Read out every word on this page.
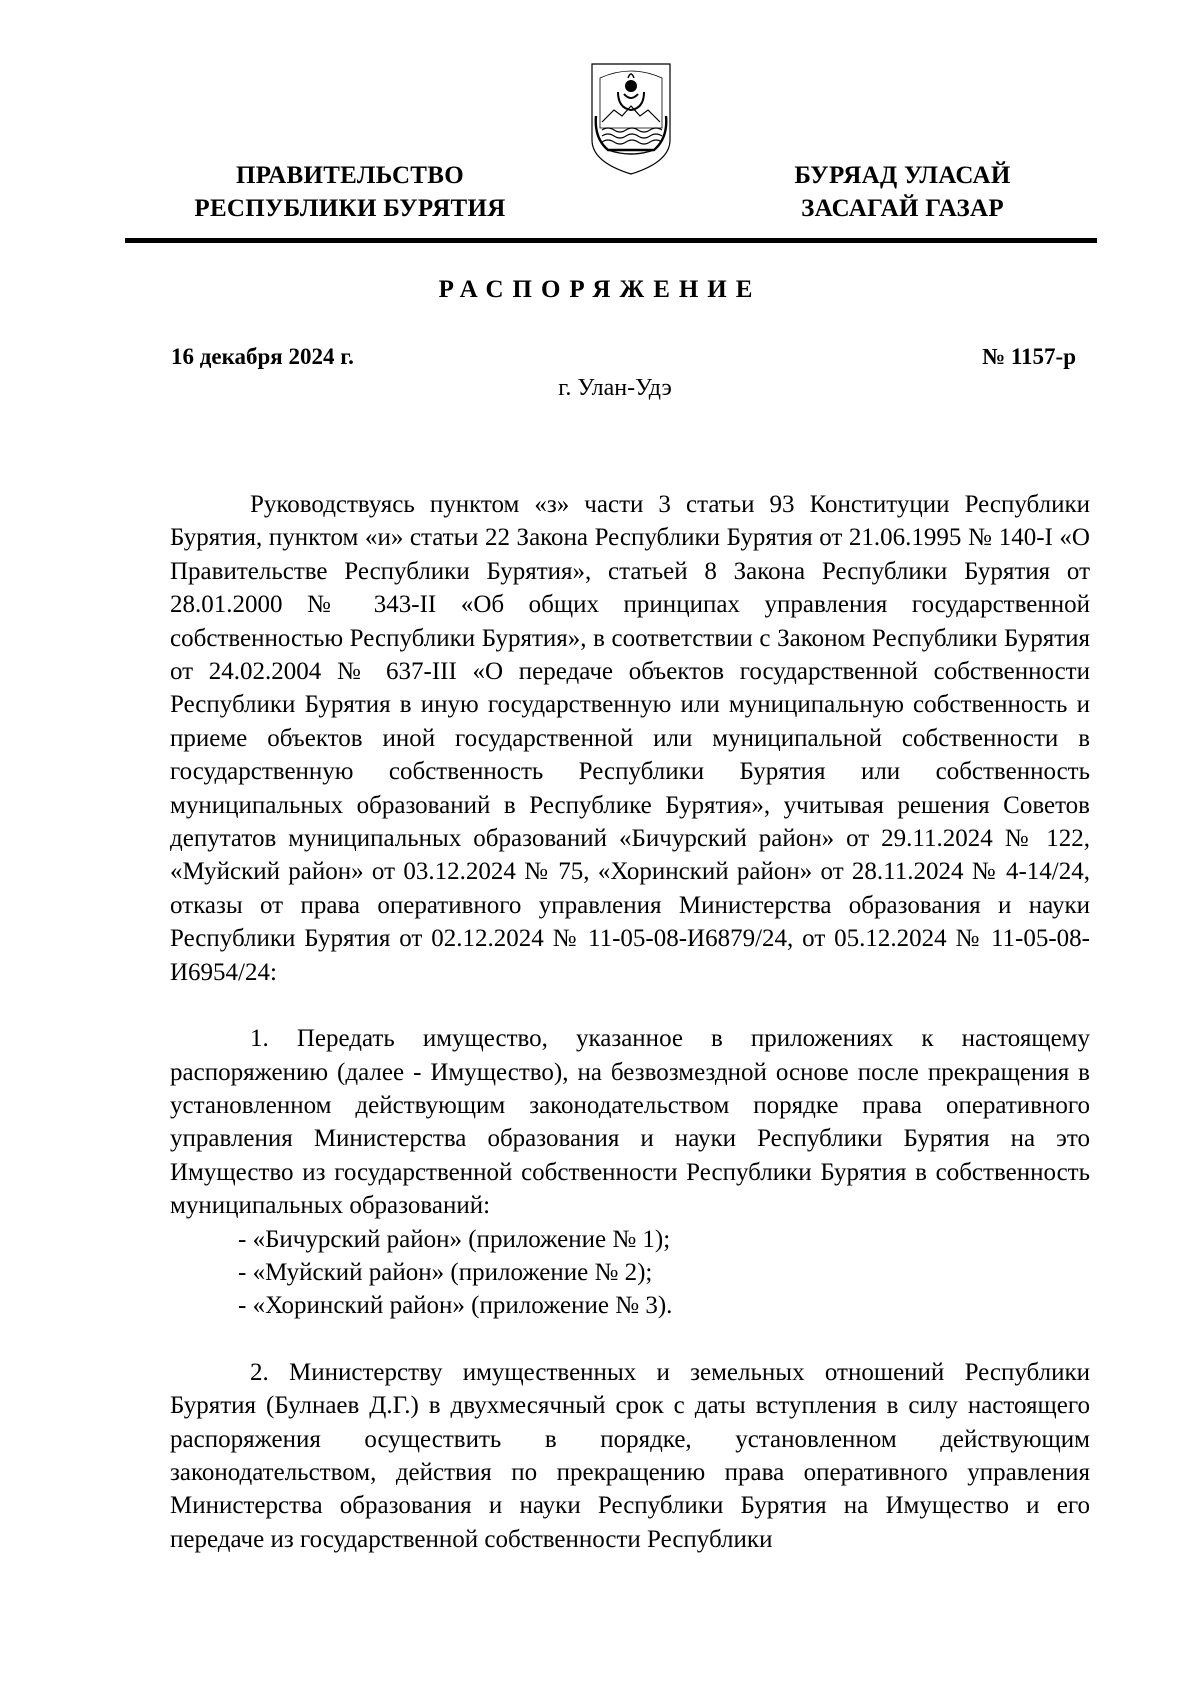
ПРАВИТЕЛЬСТВО
РЕСПУБЛИКИ БУРЯТИЯ
БУРЯАД УЛАСАЙ
ЗАСАГАЙ ГАЗАР
РАСПОРЯЖЕНИЕ
16 декабря 2024 г.	№ 1157-р
г. Улан-Удэ

Руководствуясь пунктом «з» части 3 статьи 93 Конституции Республики Бурятия, пунктом «и» статьи 22 Закона Республики Бурятия от 21.06.1995 № 140-I «О Правительстве Республики Бурятия», статьей 8 Закона Республики Бурятия от 28.01.2000 № 343-II «Об общих принципах управления государственной собственностью Республики Бурятия», в соответствии с Законом Республики Бурятия от 24.02.2004 № 637-III «О передаче объектов государственной собственности Республики Бурятия в иную государственную или муниципальную собственность и приеме объектов иной государственной или муниципальной собственности в государственную собственность Республики Бурятия или собственность муниципальных образований в Республике Бурятия», учитывая решения Советов депутатов муниципальных образований «Бичурский район» от 29.11.2024 № 122, «Муйский район» от 03.12.2024 № 75, «Хоринский район» от 28.11.2024 № 4-14/24, отказы от права оперативного управления Министерства образования и науки Республики Бурятия от 02.12.2024 № 11-05-08-И6879/24, от 05.12.2024 № 11-05-08-И6954/24:

1. Передать имущество, указанное в приложениях к настоящему распоряжению (далее - Имущество), на безвозмездной основе после прекращения в установленном действующим законодательством порядке права оперативного управления Министерства образования и науки Республики Бурятия на это Имущество из государственной собственности Республики Бурятия в собственность муниципальных образований:

- «Бичурский район» (приложение № 1);

- «Муйский район» (приложение № 2);

- «Хоринский район» (приложение № 3).

2. Министерству имущественных и земельных отношений Республики Бурятия (Булнаев Д.Г.) в двухмесячный срок с даты вступления в силу настоящего распоряжения осуществить в порядке, установленном действующим законодательством, действия по прекращению права оперативного управления Министерства образования и науки Республики Бурятия на Имущество и его передаче из государственной собственности Республики
